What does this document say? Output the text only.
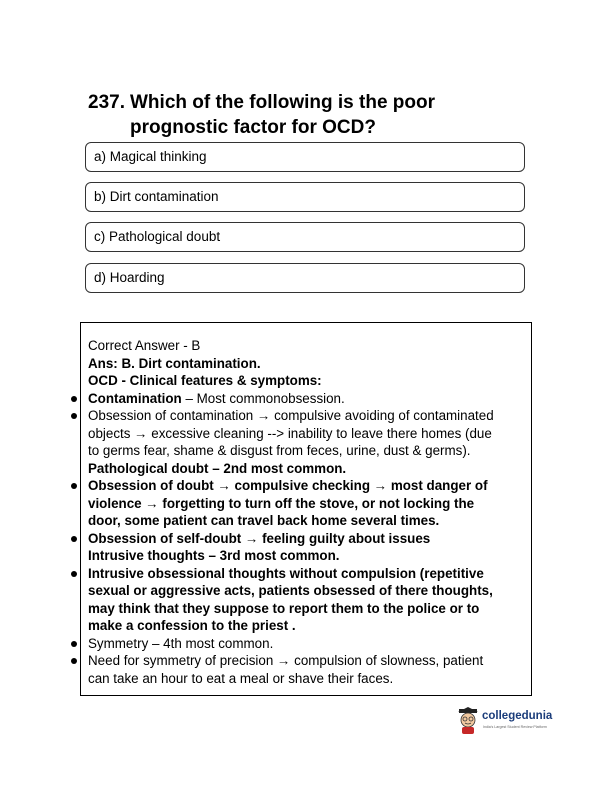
237. Which of the following is the poor
prognostic factor for OCD?
a) Magical thinking
b) Dirt contamination
c) Pathological doubt
d) Hoarding
Correct Answer - B
Ans: B. Dirt contamination.
OCD - Clinical features & symptoms:
Contamination – Most commonobsession.
Obsession of contamination → compulsive avoiding of contaminated
objects → excessive cleaning --> inability to leave there homes (due
to germs fear, shame & disgust from feces, urine, dust & germs).
Pathological doubt – 2nd most common.
Obsession of doubt → compulsive checking → most danger of
violence → forgetting to turn off the stove, or not locking the
door, some patient can travel back home several times.
Obsession of self-doubt → feeling guilty about issues
Intrusive thoughts – 3rd most common.
Intrusive obsessional thoughts without compulsion (repetitive
sexual or aggressive acts, patients obsessed of there thoughts,
may think that they suppose to report them to the police or to
make a confession to the priest .
Symmetry – 4th most common.
Need for symmetry of precision → compulsion of slowness, patient
can take an hour to eat a meal or shave their faces.
collegedunia
India's Largest Student Review Platform
